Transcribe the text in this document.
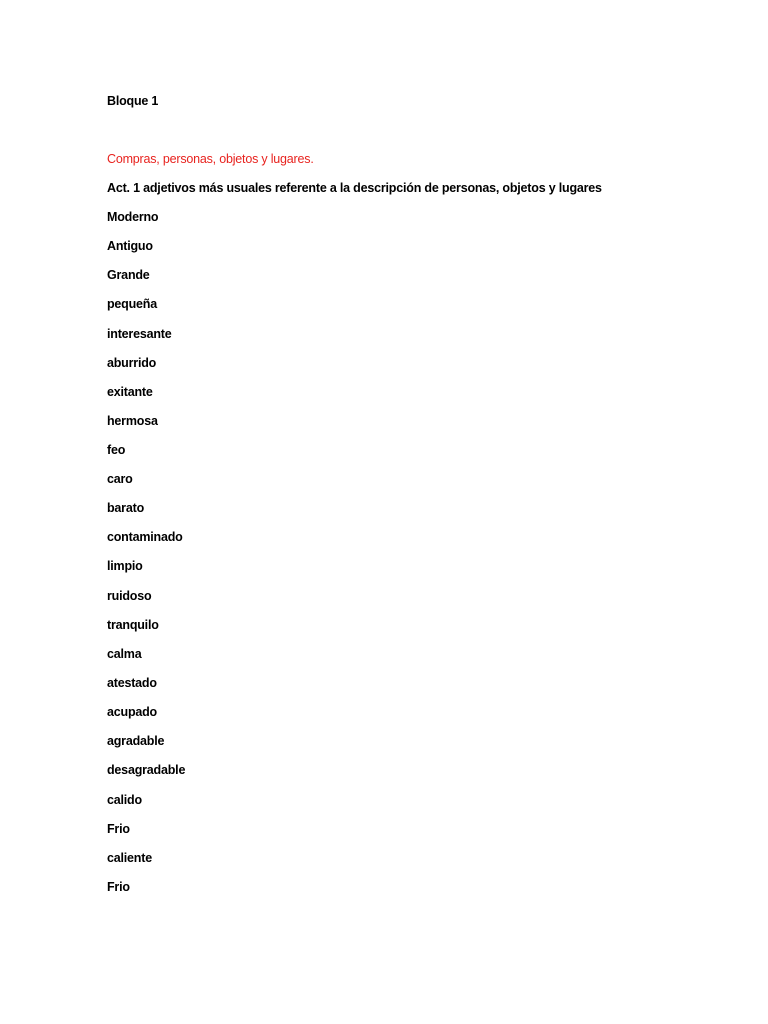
Bloque 1
Compras, personas, objetos y lugares.
Act. 1 adjetivos más usuales referente a la descripción de personas, objetos y lugares
Moderno
Antiguo
Grande
pequeña
interesante
aburrido
exitante
hermosa
feo
caro
barato
contaminado
limpio
ruidoso
tranquilo
calma
atestado
acupado
agradable
desagradable
calido
Frio
caliente
Frio
